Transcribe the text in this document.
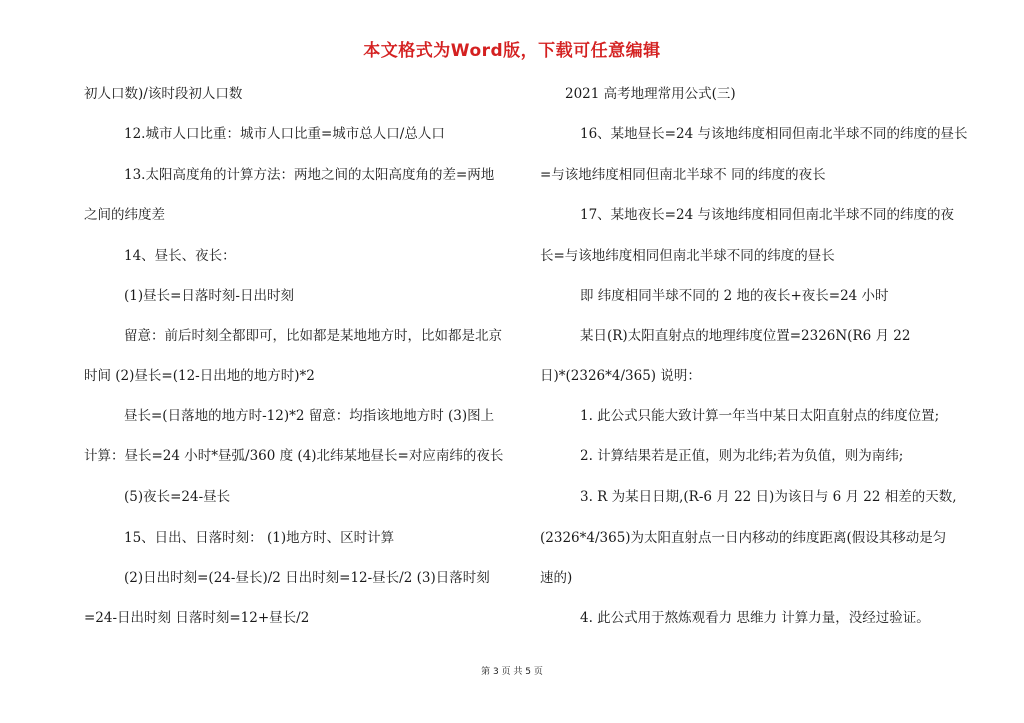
本文格式为Word版，下载可任意编辑
初人口数)/该时段初人口数
12.城市人口比重：城市人口比重=城市总人口/总人口
13.太阳高度角的计算方法：两地之间的太阳高度角的差=两地
之间的纬度差
14、昼长、夜长：
(1)昼长=日落时刻-日出时刻
留意：前后时刻全都即可，比如都是某地地方时，比如都是北京
时间 (2)昼长=(12-日出地的地方时)*2
昼长=(日落地的地方时-12)*2 留意：均指该地地方时 (3)图上
计算：昼长=24 小时*昼弧/360 度 (4)北纬某地昼长=对应南纬的夜长
(5)夜长=24-昼长
15、日出、日落时刻： (1)地方时、区时计算
(2)日出时刻=(24-昼长)/2 日出时刻=12-昼长/2 (3)日落时刻
=24-日出时刻 日落时刻=12+昼长/2
2021 高考地理常用公式(三)
16、某地昼长=24 与该地纬度相同但南北半球不同的纬度的昼长
=与该地纬度相同但南北半球不 同的纬度的夜长
17、某地夜长=24 与该地纬度相同但南北半球不同的纬度的夜
长=与该地纬度相同但南北半球不同的纬度的昼长
即 纬度相同半球不同的 2 地的夜长+夜长=24 小时
某日(R)太阳直射点的地理纬度位置=2326N(R6 月 22
日)*(2326*4/365) 说明：
1. 此公式只能大致计算一年当中某日太阳直射点的纬度位置;
2. 计算结果若是正值，则为北纬;若为负值，则为南纬;
3. R 为某日日期,(R-6 月 22 日)为该日与 6 月 22 相差的天数,
(2326*4/365)为太阳直射点一日内移动的纬度距离(假设其移动是匀
速的)
4. 此公式用于熬炼观看力 思维力 计算力量，没经过验证。
第 3 页 共 5 页
